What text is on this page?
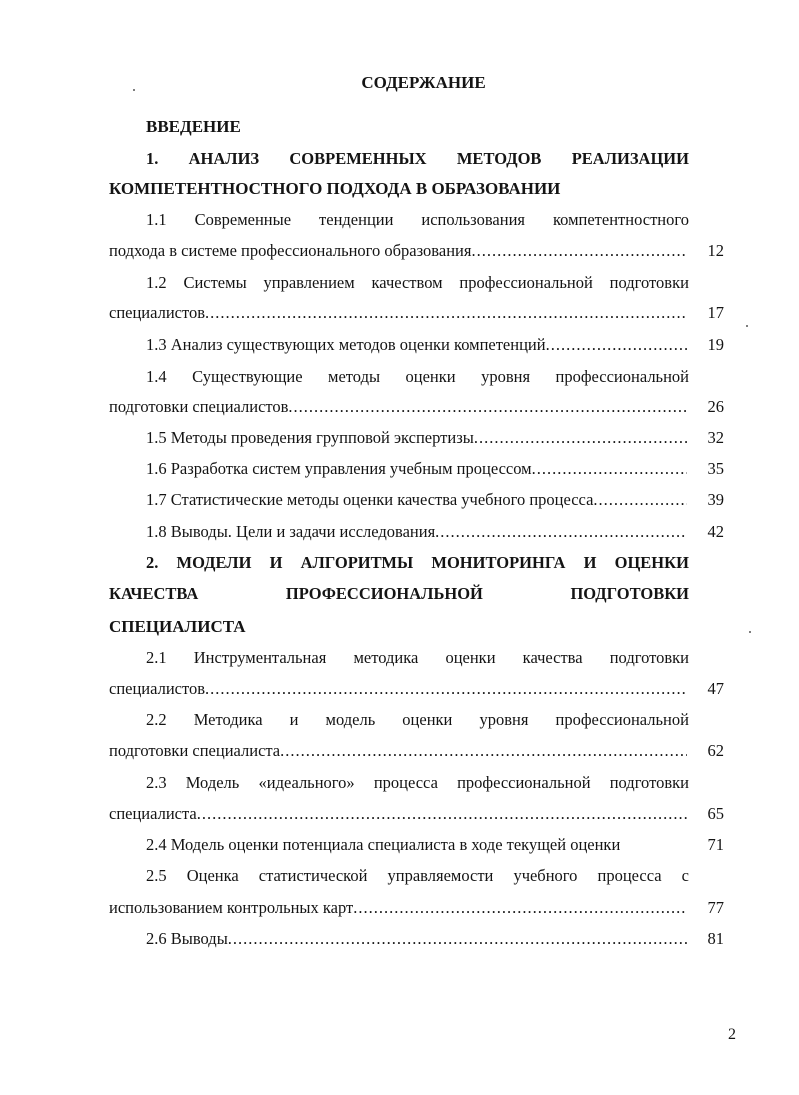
СОДЕРЖАНИЕ
ВВЕДЕНИЕ
1. АНАЛИЗ СОВРЕМЕННЫХ МЕТОДОВ РЕАЛИЗАЦИИ
КОМПЕТЕНТНОСТНОГО ПОДХОДА В ОБРАЗОВАНИИ
1.1 Современные тенденции использования компетентностного
подхода в системе профессионального образования .....	12
1.2 Системы управлением качеством профессиональной подготовки
специалистов .....	17
1.3 Анализ существующих методов оценки компетенций .....	19
1.4 Существующие методы оценки уровня профессиональной
подготовки специалистов .....	26
1.5 Методы проведения групповой экспертизы .....	32
1.6 Разработка систем управления учебным процессом .....	35
1.7 Статистические методы оценки качества учебного процесса .....	39
1.8 Выводы. Цели и задачи исследования .....	42
2. МОДЕЛИ И АЛГОРИТМЫ МОНИТОРИНГА И ОЦЕНКИ
КАЧЕСТВА	ПРОФЕССИОНАЛЬНОЙ	ПОДГОТОВКИ
СПЕЦИАЛИСТА
2.1 Инструментальная методика оценки качества подготовки
специалистов .....	47
2.2 Методика и модель оценки уровня профессиональной
подготовки специалиста .....	62
2.3 Модель «идеального» процесса профессиональной подготовки
специалиста .....	65
2.4 Модель оценки потенциала специалиста в ходе текущей оценки	71
2.5 Оценка статистической управляемости учебного процесса с
использованием контрольных карт .....	77
2.6 Выводы .....	81
2
